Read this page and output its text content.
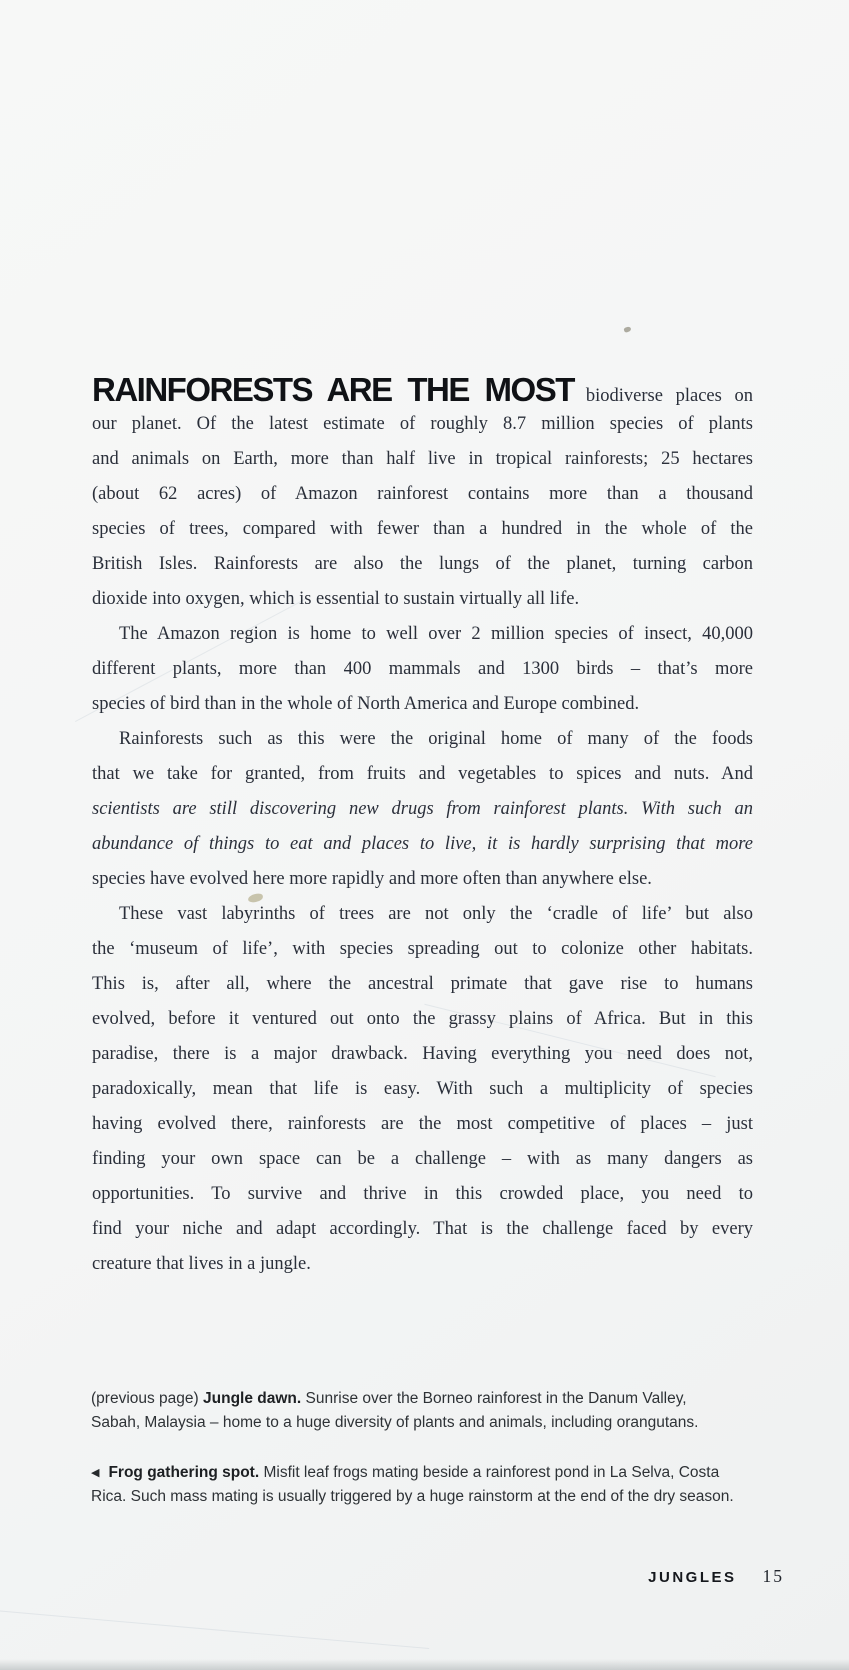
RAINFORESTS ARE THE MOST biodiverse places on
our planet. Of the latest estimate of roughly 8.7 million species of plants
and animals on Earth, more than half live in tropical rainforests; 25 hectares
(about 62 acres) of Amazon rainforest contains more than a thousand
species of trees, compared with fewer than a hundred in the whole of the
British Isles. Rainforests are also the lungs of the planet, turning carbon
dioxide into oxygen, which is essential to sustain virtually all life.
The Amazon region is home to well over 2 million species of insect, 40,000
different plants, more than 400 mammals and 1300 birds – that’s more
species of bird than in the whole of North America and Europe combined.
Rainforests such as this were the original home of many of the foods
that we take for granted, from fruits and vegetables to spices and nuts. And
scientists are still discovering new drugs from rainforest plants. With such an
abundance of things to eat and places to live, it is hardly surprising that more
species have evolved here more rapidly and more often than anywhere else.
These vast labyrinths of trees are not only the ‘cradle of life’ but also
the ‘museum of life’, with species spreading out to colonize other habitats.
This is, after all, where the ancestral primate that gave rise to humans
evolved, before it ventured out onto the grassy plains of Africa. But in this
paradise, there is a major drawback. Having everything you need does not,
paradoxically, mean that life is easy. With such a multiplicity of species
having evolved there, rainforests are the most competitive of places – just
finding your own space can be a challenge – with as many dangers as
opportunities. To survive and thrive in this crowded place, you need to
find your niche and adapt accordingly. That is the challenge faced by every
creature that lives in a jungle.
(previous page) Jungle dawn. Sunrise over the Borneo rainforest in the Danum Valley,
Sabah, Malaysia – home to a huge diversity of plants and animals, including orangutans.
◀ Frog gathering spot. Misfit leaf frogs mating beside a rainforest pond in La Selva, Costa
Rica. Such mass mating is usually triggered by a huge rainstorm at the end of the dry season.
JUNGLES 15
